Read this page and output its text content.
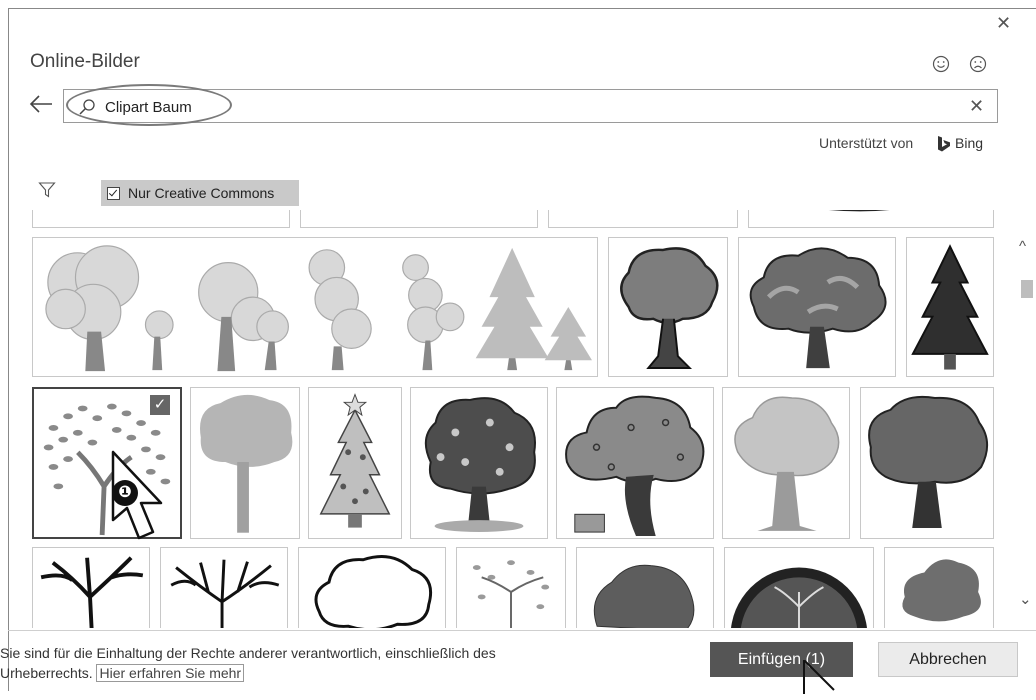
✕
Online-Bilder
Clipart Baum	✕
Unterstützt von	Bing
Nur Creative Commons
✓
^
⌄
Sie sind für die Einhaltung der Rechte anderer verantwortlich, einschließlich des
Urheberrechts. Hier erfahren Sie mehr
Einfügen (1)	Abbrechen
❶
